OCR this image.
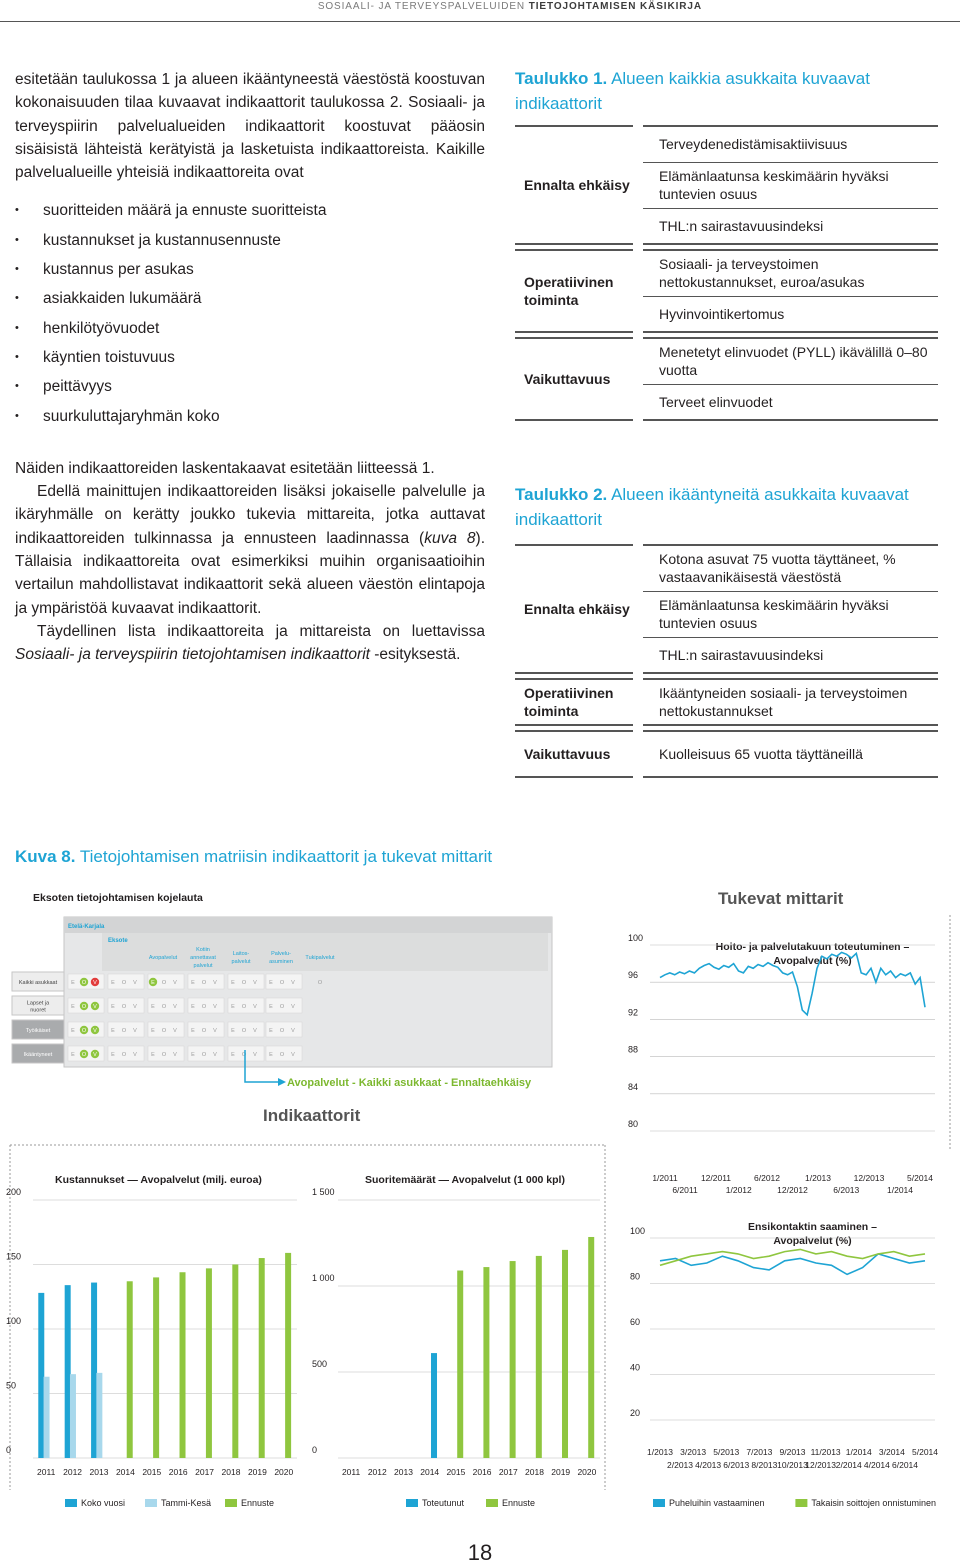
SOSIAALI- JA TERVEYSPALVELUIDEN TIETOJOHTAMISEN KÄSIKIRJA

esitetään taulukossa 1 ja alueen ikääntyneestä väestöstä koostuvan kokonaisuuden tilaa kuvaavat indikaattorit taulukossa 2. Sosiaali- ja terveyspiirin palvelualueiden indikaattorit koostuvat pääosin sisäisistä lähteistä kerätyistä ja lasketuista indikaattoreista. Kaikille palvelualueille yhteisiä indikaattoreita ovat

• suoritteiden määrä ja ennuste suoritteista
• kustannukset ja kustannusennuste
• kustannus per asukas
• asiakkaiden lukumäärä
• henkilötyövuodet
• käyntien toistuvuus
• peittävyys
• suurkuluttajaryhmän koko

Näiden indikaattoreiden laskentakaavat esitetään liitteessä 1.

Edellä mainittujen indikaattoreiden lisäksi jokaiselle palvelulle ja ikäryhmälle on kerätty joukko tukevia mittareita, jotka auttavat indikaattoreiden tulkinnassa ja ennusteen laadinnassa (kuva 8). Tällaisia indikaattoreita ovat esimerkiksi muihin organisaatioihin vertailun mahdollistavat indikaattorit sekä alueen väestön elintapoja ja ympäristöä kuvaavat indikaattorit.

Täydellinen lista indikaattoreita ja mittareista on luettavissa Sosiaali- ja terveyspiirin tietojohtamisen indikaattorit -esityksestä.

Taulukko 1. Alueen kaikkia asukkaita kuvaavat indikaattorit
Ennalta ehkäisy		Terveydenedistämisaktiivisuus
		Elämänlaatunsa keskimäärin hyväksi tuntevien osuus
		THL:n sairastavuusindeksi

Operatiivinen toiminta		Sosiaali- ja terveystoimen nettokustannukset, euroa/asukas
		Hyvinvointikertomus

Vaikuttavuus		Menetetyt elinvuodet (PYLL) ikävälillä 0–80 vuotta
		Terveet elinvuodet
Taulukko 2. Alueen ikääntyneitä asukkaita kuvaavat indikaattorit
Ennalta ehkäisy		Kotona asuvat 75 vuotta täyttäneet, % vastaavanikäisestä väestöstä
		Elämänlaatunsa keskimäärin hyväksi tuntevien osuus
		THL:n sairastavuusindeksi

Operatiivinen toiminta		Ikääntyneiden sosiaali- ja terveystoimen nettokustannukset

Vaikuttavuus		Kuolleisuus 65 vuotta täyttäneillä
Kuva 8. Tietojohtamisen matriisin indikaattorit ja tukevat mittarit
Eksoten tietojohtamisen kojelauta
Etelä-Karjala
Eksote
Avopalvelut
Kotiin
annettavat
palvelut
Laitos-
palvelut
Palvelu-
asuminen
Tukipalvelut
Kaikki asukkaat	E O V	E O V	E O V	E O V	E O V E O V	O
Lapset ja
nuoret
E O V	E O V	E O V	E O V	E O V E O V
Työikäiset	E O V	E O V	E O V	E O V	E O V E O V
Ikääntyneet	E O V	E O V	E O V	E O V	E O V E O V
Tukevat mittarit
Avopalvelut - Kaikki asukkaat - Ennaltaehkäisy
Indikaattorit
Kustannukset — Avopalvelut (milj. euroa)
0
50
100
150
200
2011 2012 2013 2014 2015 2016 2017 2018 2019 2020
Koko vuosi	Tammi-Kesä	Ennuste
Suoritemäärät — Avopalvelut (1 000 kpl)
0
500
1 000
1 500
2011 2012 2013 2014 2015 2016 2017 2018 2019 2020
Toteutunut	Ennuste
Hoito- ja palvelutakuun toteutuminen –
Avopalvelut (%)
80
84
88
92
96
100
1/2011	12/2011	6/2012	1/2013	12/2013	5/2014
6/2011	1/2012	12/2012	6/2013	1/2014
Ensikontaktin saaminen –
Avopalvelut (%)
20
40
60
80
100
1/2013 3/2013 5/2013 7/2013 9/2013 11/2013 1/2014 3/2014 5/2014
2/2013 4/2013 6/2013 8/2013 10/2013
12/2013 2/2014 4/2014 6/2014
Puheluihin vastaaminen	Takaisin soittojen onnistuminen
18
